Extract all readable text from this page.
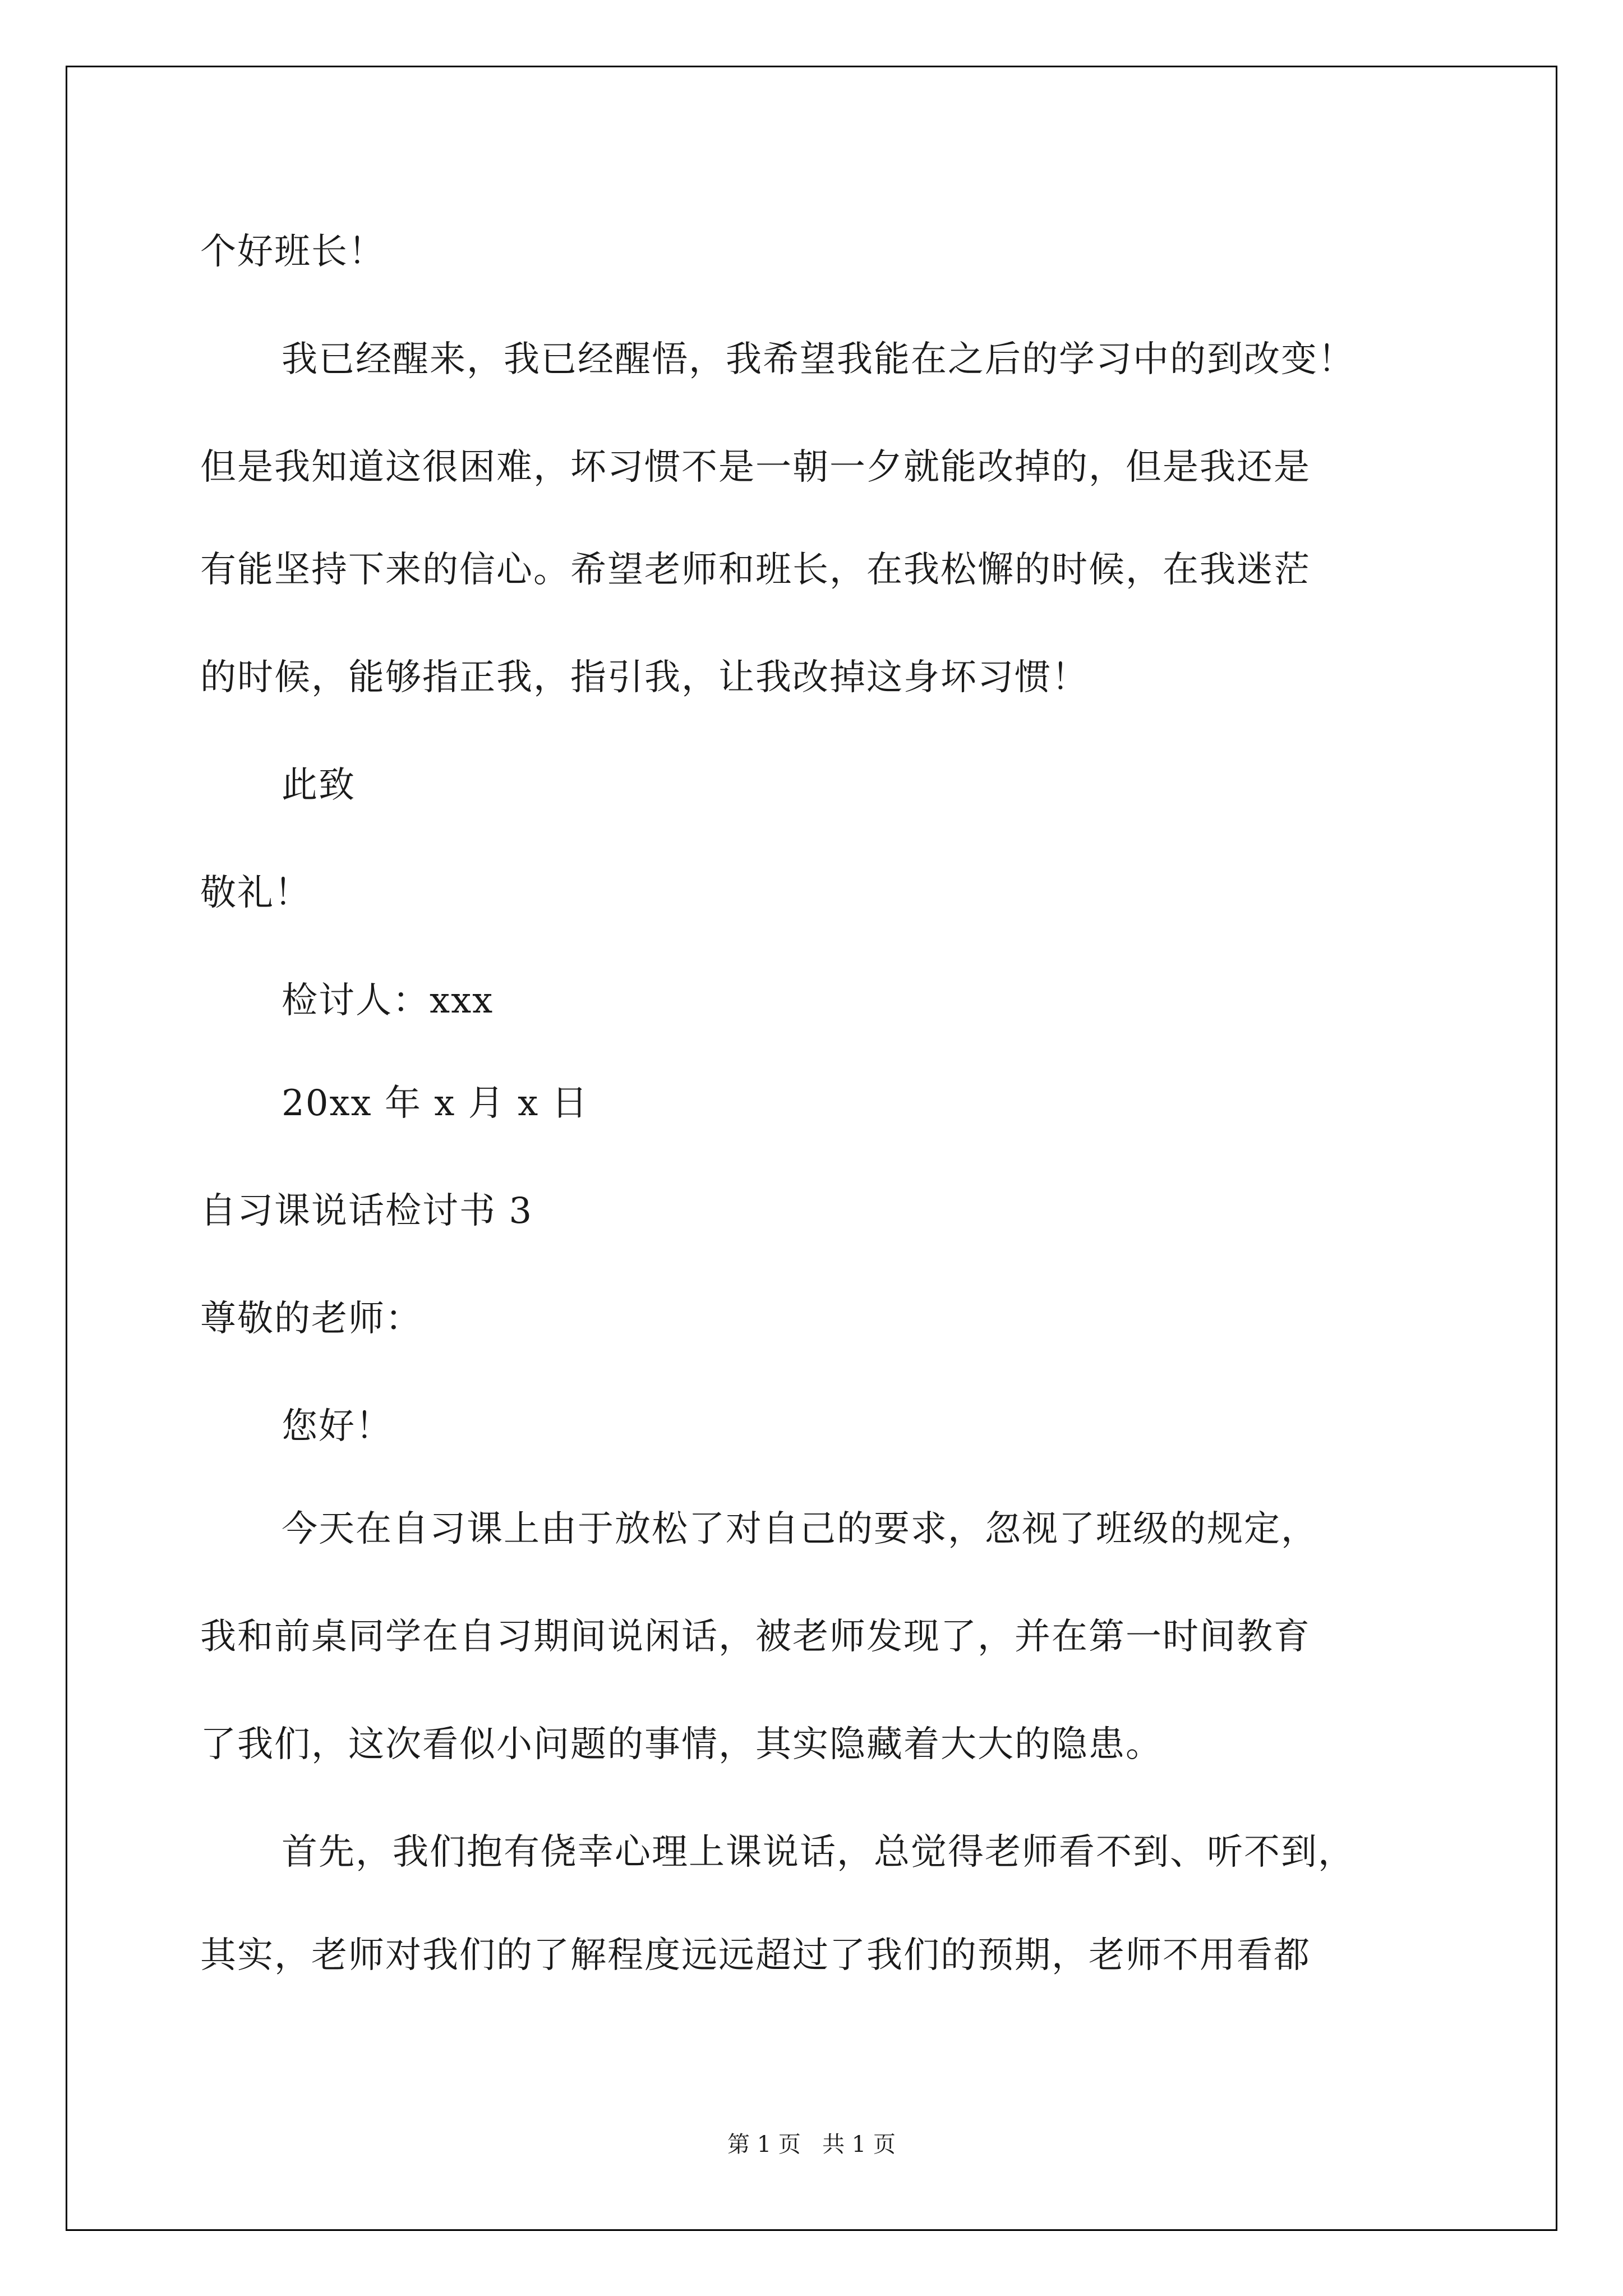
个好班长！
我已经醒来，我已经醒悟，我希望我能在之后的学习中的到改变！
但是我知道这很困难，坏习惯不是一朝一夕就能改掉的，但是我还是
有能坚持下来的信心。希望老师和班长，在我松懈的时候，在我迷茫
的时候，能够指正我，指引我，让我改掉这身坏习惯！
此致
敬礼！
检讨人：xxx
20xx 年 x 月 x 日
自习课说话检讨书 3
尊敬的老师：
您好！
今天在自习课上由于放松了对自己的要求，忽视了班级的规定，
我和前桌同学在自习期间说闲话，被老师发现了，并在第一时间教育
了我们，这次看似小问题的事情，其实隐藏着大大的隐患。
首先，我们抱有侥幸心理上课说话，总觉得老师看不到、听不到，
其实，老师对我们的了解程度远远超过了我们的预期，老师不用看都
第 1 页   共 1 页
